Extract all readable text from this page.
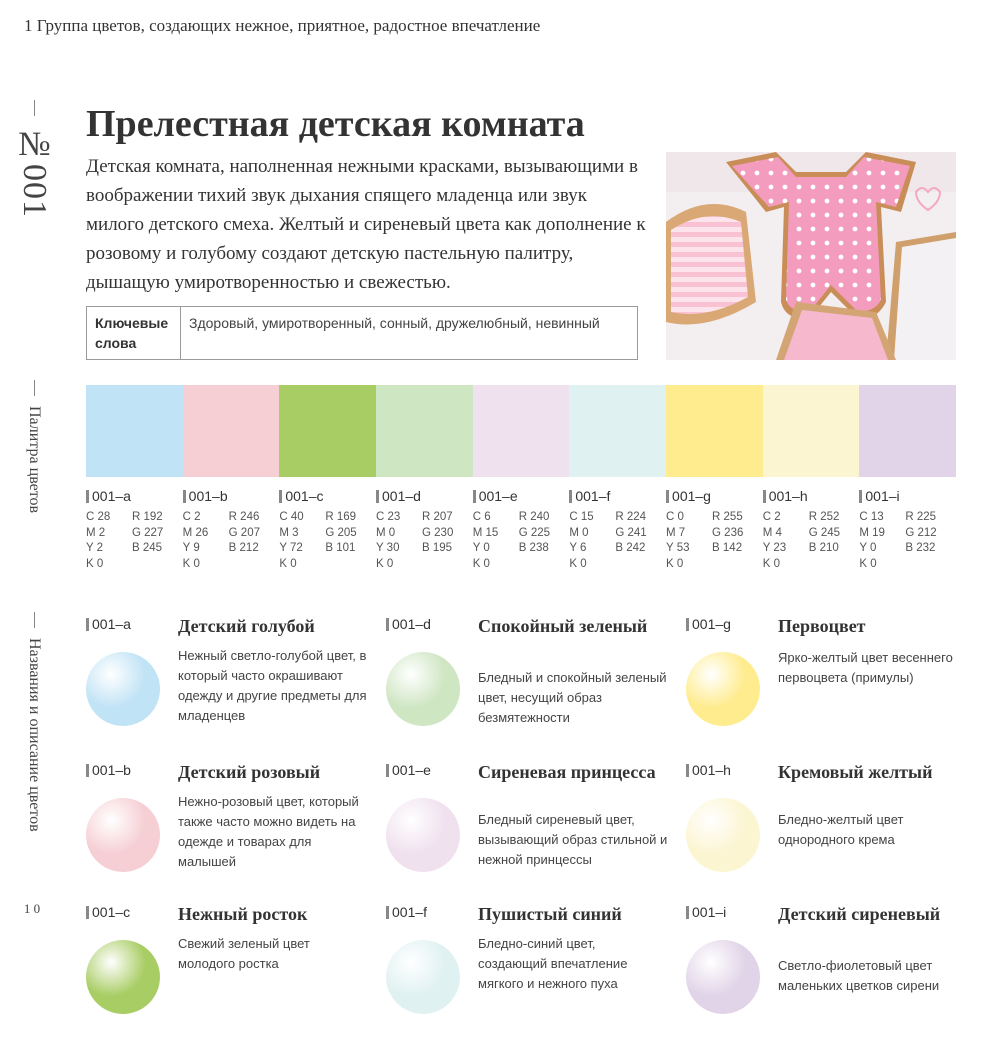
1 Группа цветов, создающих нежное, приятное, радостное впечатление
№001
Палитра цветов
Названия и описание цветов
1 0
Прелестная детская комната

Детская комната, наполненная нежными красками, вызывающими в воображении тихий звук дыхания спящего младенца или звук милого детского смеха. Желтый и сиреневый цвета как дополнение к розовому и голубому создают детскую пастельную палитру, дышащую умиротворенностью и свежестью.

Ключевые слова
Здоровый, умиротворенный, сонный, дружелюбный, невинный
001–a
C 28	R 192
M 2	G 227
Y 2	B 245
K 0
001–b
C 2	R 246
M 26	G 207
Y 9	B 212
K 0
001–c
C 40	R 169
M 3	G 205
Y 72	B 101
K 0
001–d
C 23	R 207
M 0	G 230
Y 30	B 195
K 0
001–e
C 6	R 240
M 15	G 225
Y 0	B 238
K 0
001–f
C 15	R 224
M 0	G 241
Y 6	B 242
K 0
001–g
C 0	R 255
M 7	G 236
Y 53	B 142
K 0
001–h
C 2	R 252
M 4	G 245
Y 23	B 210
K 0
001–i
C 13	R 225
M 19	G 212
Y 0	B 232
K 0
001–a	Детский голубой
Нежный светло-голубой цвет, в который часто окрашивают одежду и другие предметы для младенцев
001–b	Детский розовый
Нежно-розовый цвет, который также часто можно видеть на одежде и товарах для малышей
001–c	Нежный росток
Свежий зеленый цвет молодого ростка
001–d	Спокойный зеленый
Бледный и спокойный зеленый цвет, несущий образ безмятежности
001–e	Сиреневая принцесса
Бледный сиреневый цвет, вызывающий образ стильной и нежной принцессы
001–f	Пушистый синий
Бледно-синий цвет, создающий впечатление мягкого и нежного пуха
001–g	Первоцвет
Ярко-желтый цвет весеннего первоцвета (примулы)
001–h	Кремовый желтый
Бледно-желтый цвет однородного крема
001–i	Детский сиреневый
Светло-фиолетовый цвет маленьких цветков сирени
